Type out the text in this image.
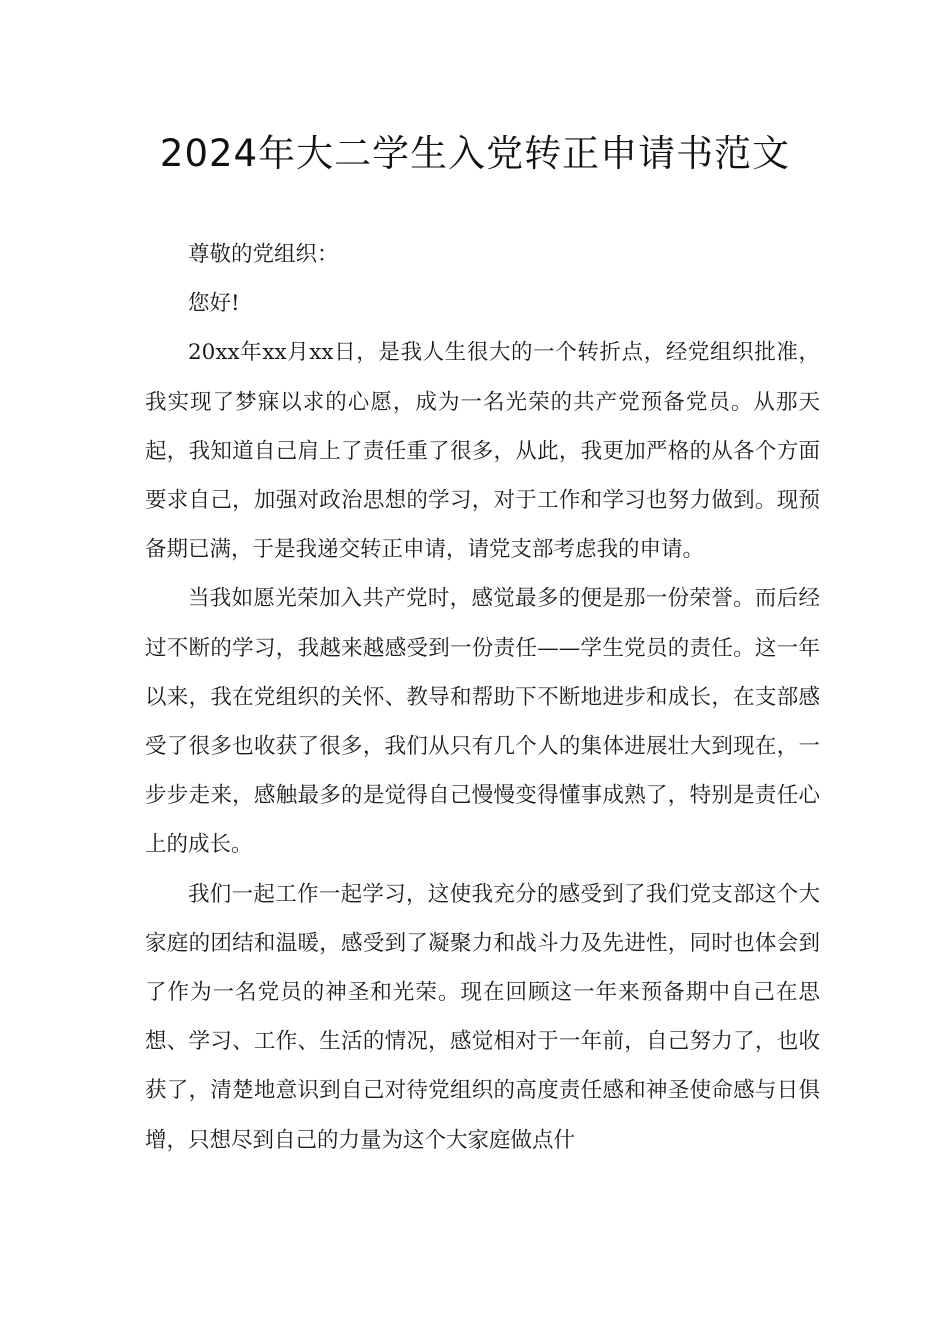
2024年大二学生入党转正申请书范文

尊敬的党组织：

您好!

20xx年xx月xx日，是我人生很大的一个转折点，经党组织批准，我实现了梦寐以求的心愿，成为一名光荣的共产党预备党员。从那天起，我知道自己肩上了责任重了很多，从此，我更加严格的从各个方面要求自己，加强对政治思想的学习，对于工作和学习也努力做到。现预备期已满，于是我递交转正申请，请党支部考虑我的申请。

当我如愿光荣加入共产党时，感觉最多的便是那一份荣誉。而后经过不断的学习，我越来越感受到一份责任——学生党员的责任。这一年以来，我在党组织的关怀、教导和帮助下不断地进步和成长，在支部感受了很多也收获了很多，我们从只有几个人的集体进展壮大到现在，一步步走来，感触最多的是觉得自己慢慢变得懂事成熟了，特别是责任心上的成长。

我们一起工作一起学习，这使我充分的感受到了我们党支部这个大家庭的团结和温暖，感受到了凝聚力和战斗力及先进性，同时也体会到了作为一名党员的神圣和光荣。现在回顾这一年来预备期中自己在思想、学习、工作、生活的情况，感觉相对于一年前，自己努力了，也收获了，清楚地意识到自己对待党组织的高度责任感和神圣使命感与日俱增，只想尽到自己的力量为这个大家庭做点什
